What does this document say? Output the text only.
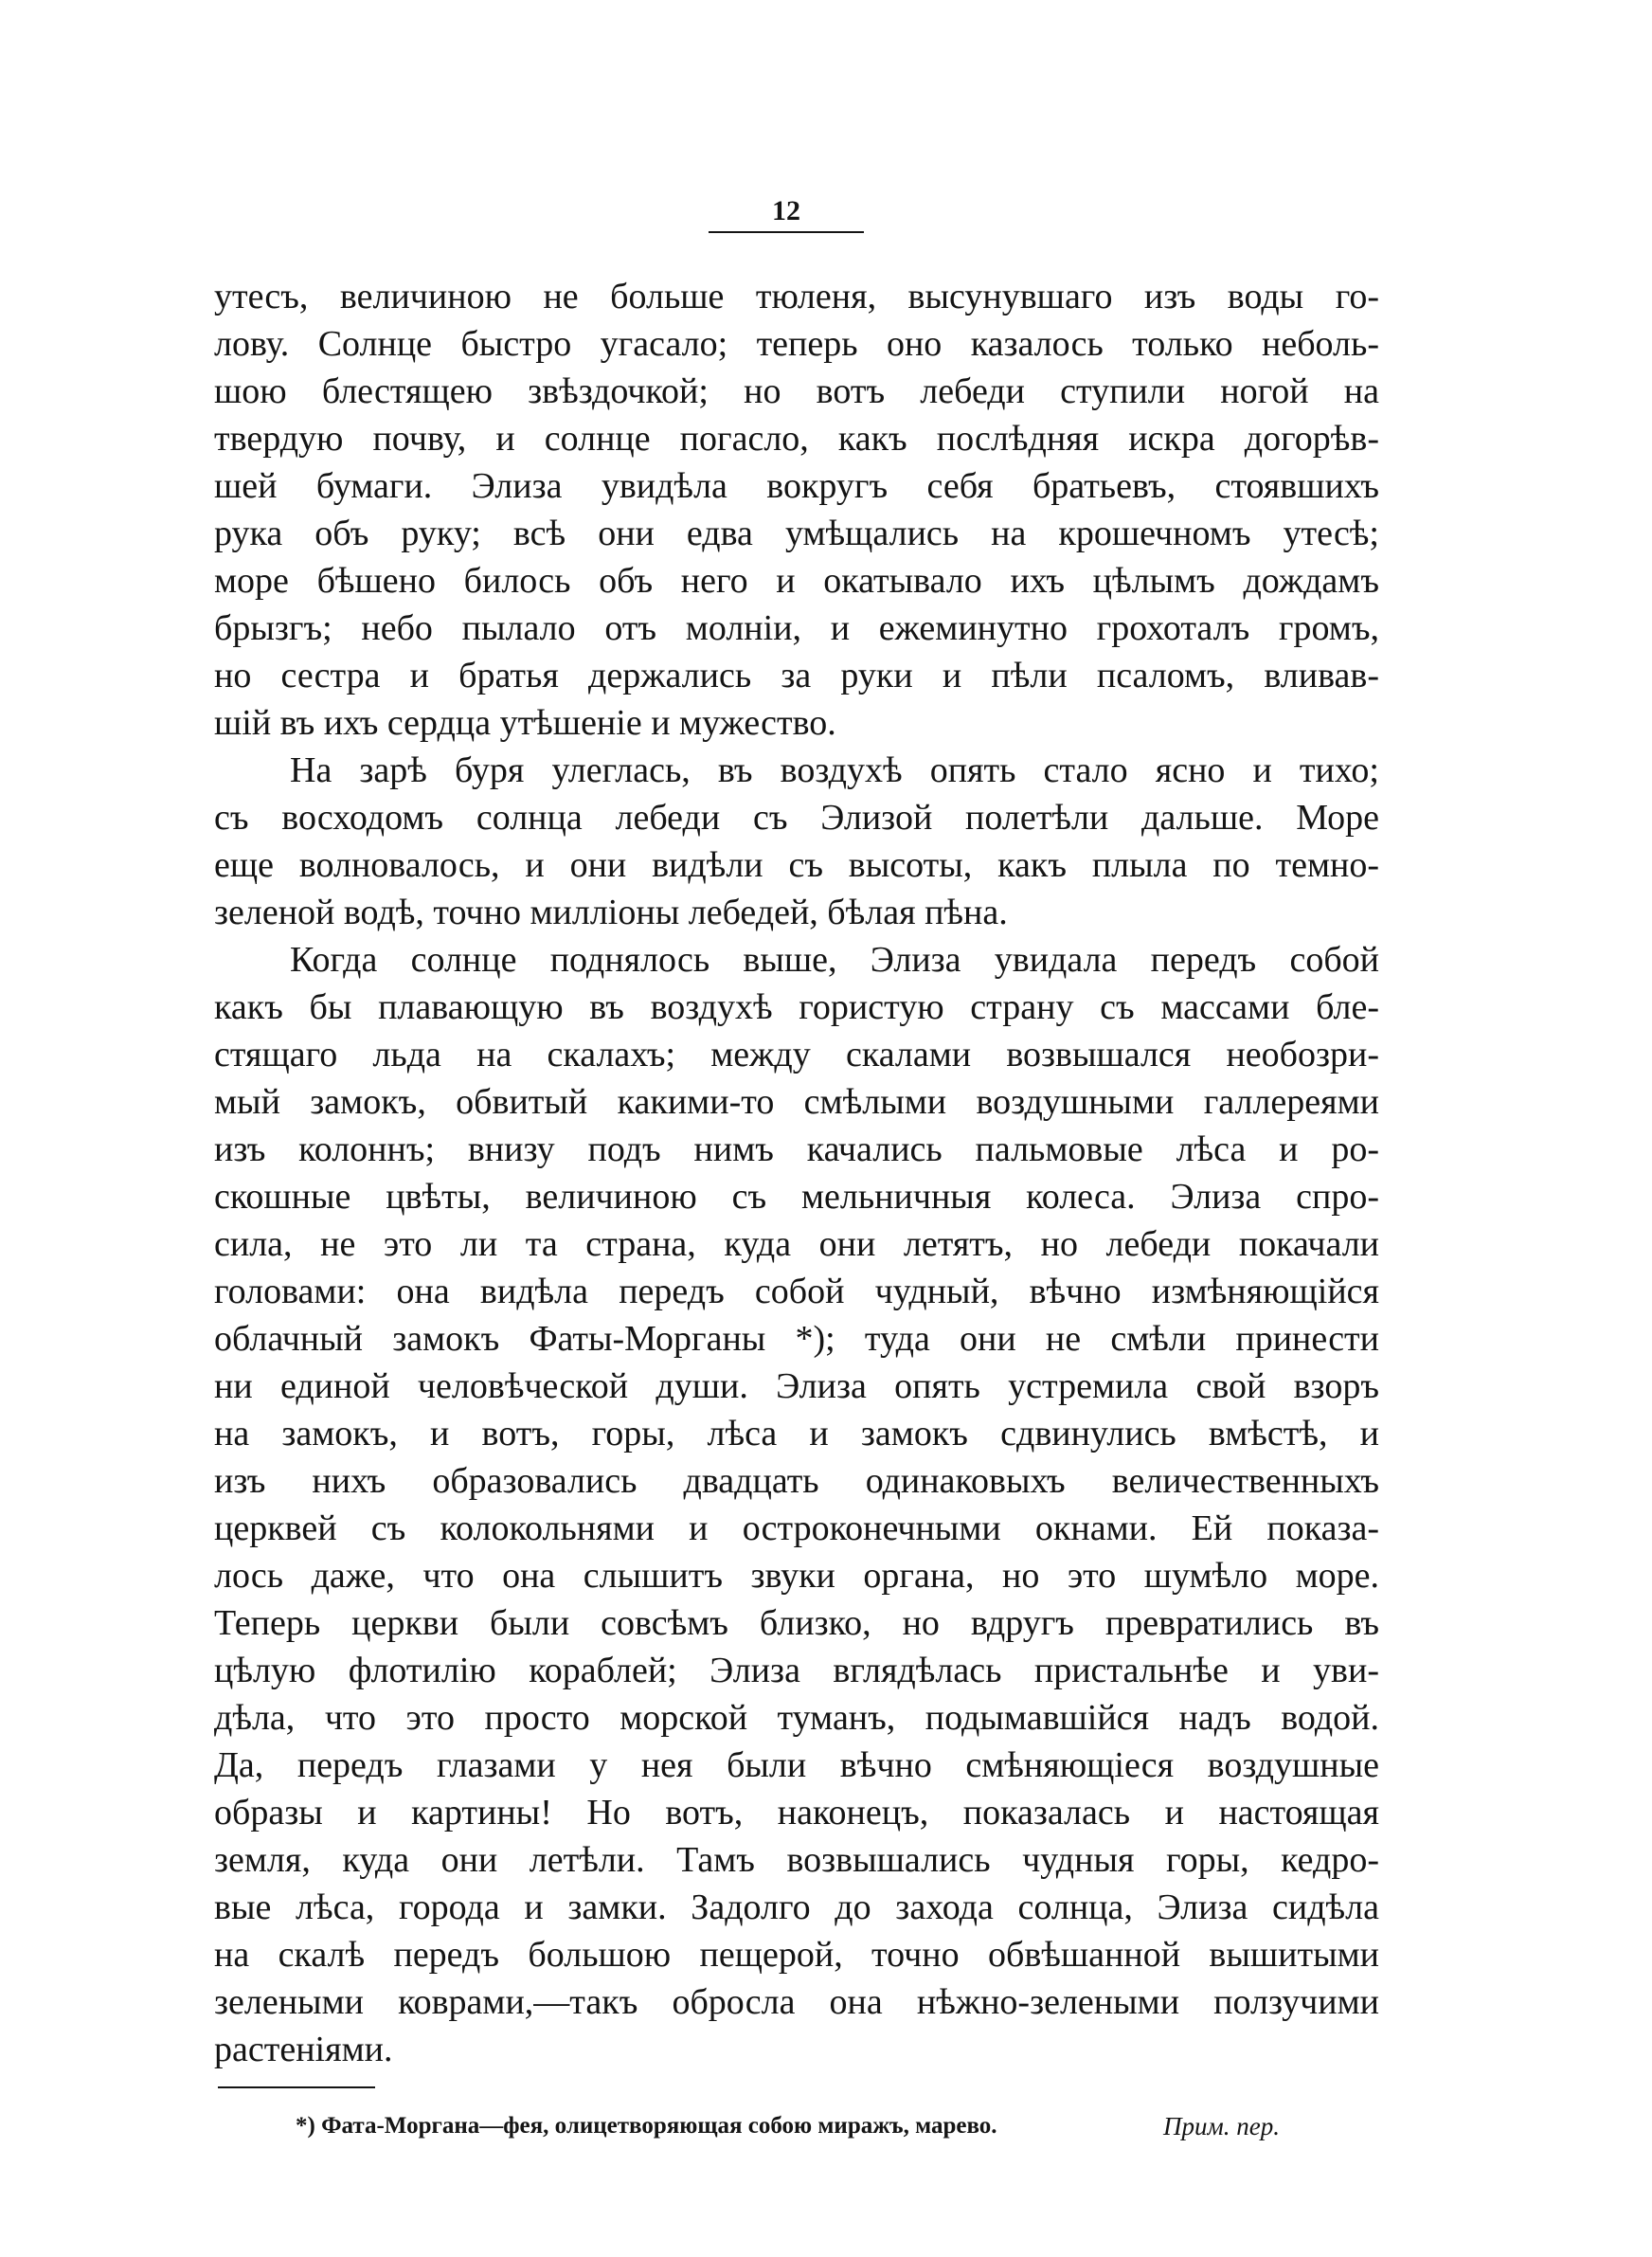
12
утесъ, величиною не больше тюленя, высунувшаго изъ воды го-
лову. Солнце быстро угасало; теперь оно казалось только неболь-
шою блестящею звѣздочкой; но вотъ лебеди ступили ногой на
твердую почву, и солнце погасло, какъ послѣдняя искра догорѣв-
шей бумаги. Элиза увидѣла вокругъ себя братьевъ, стоявшихъ
рука объ руку; всѣ они едва умѣщались на крошечномъ утесѣ;
море бѣшено билось объ него и окатывало ихъ цѣлымъ дождамъ
брызгъ; небо пылало отъ молніи, и ежеминутно грохоталъ громъ,
но сестра и братья держались за руки и пѣли псаломъ, вливав-
шій въ ихъ сердца утѣшеніе и мужество.
На зарѣ буря улеглась, въ воздухѣ опять стало ясно и тихо;
съ восходомъ солнца лебеди съ Элизой полетѣли дальше. Море
еще волновалось, и они видѣли съ высоты, какъ плыла по темно-
зеленой водѣ, точно милліоны лебедей, бѣлая пѣна.
Когда солнце поднялось выше, Элиза увидала передъ собой
какъ бы плавающую въ воздухѣ гористую страну съ массами бле-
стящаго льда на скалахъ; между скалами возвышался необозри-
мый замокъ, обвитый какими-то смѣлыми воздушными галлереями
изъ колоннъ; внизу подъ нимъ качались пальмовые лѣса и ро-
скошные цвѣты, величиною съ мельничныя колеса. Элиза спро-
сила, не это ли та страна, куда они летятъ, но лебеди покачали
головами: она видѣла передъ собой чудный, вѣчно измѣняющійся
облачный замокъ Фаты-Морганы *); туда они не смѣли принести
ни единой человѣческой души. Элиза опять устремила свой взоръ
на замокъ, и вотъ, горы, лѣса и замокъ сдвинулись вмѣстѣ, и
изъ нихъ образовались двадцать одинаковыхъ величественныхъ
церквей съ колокольнями и остроконечными окнами. Ей показа-
лось даже, что она слышитъ звуки органа, но это шумѣло море.
Теперь церкви были совсѣмъ близко, но вдругъ превратились въ
цѣлую флотилію кораблей; Элиза вглядѣлась пристальнѣе и уви-
дѣла, что это просто морской туманъ, подымавшійся надъ водой.
Да, передъ глазами у нея были вѣчно смѣняющіеся воздушные
образы и картины! Но вотъ, наконецъ, показалась и настоящая
земля, куда они летѣли. Тамъ возвышались чудныя горы, кедро-
вые лѣса, города и замки. Задолго до захода солнца, Элиза сидѣла
на скалѣ передъ большою пещерой, точно обвѣшанной вышитыми
зелеными коврами,—такъ обросла она нѣжно-зелеными ползучими
растеніями.
*) Фата-Моргана—фея, олицетворяющая собою миражъ, марево.	Прим. пер.
